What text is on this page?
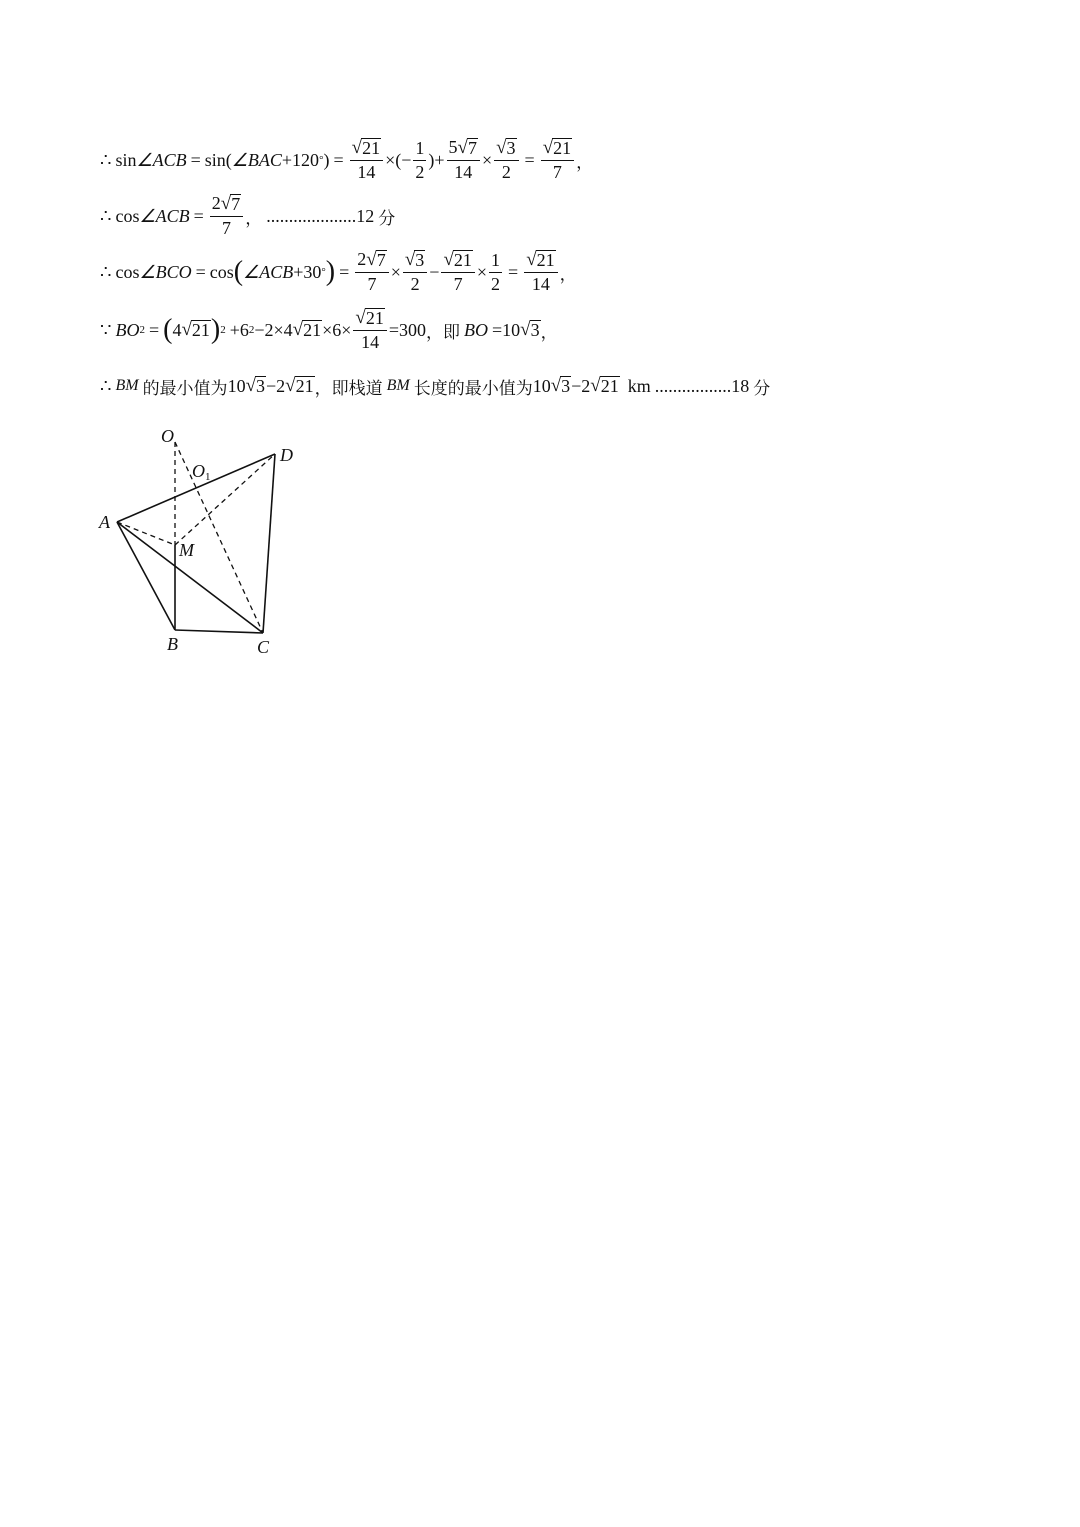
∴ sin ∠ACB = sin( ∠BAC +120 ° ) = $\frac{√ 21}{14}$ ×(− $\frac{1}{2}$ )+ $\frac{5 √ 7}{14} \times \frac{√ 3}{2} = \frac{√ 21}{7}$ ，
∴ cos ∠ACB = $\frac{2 √ 7}{7}$ ， ....................12 分
∴ cos ∠BCO = cos ( ∠ACB +30 ° ) = $\frac{2 √ 7}{7} \times \frac{√ 3}{2} - \frac{√ 21}{7} \times \frac{1}{2} = \frac{√ 21}{14}$ ，
∵ BO 2 = ( 4 √ 21 ) 2 +6 2 −2×4 √ $21 \times 6\times \frac{√ 21}{14} =300$ ，即 BO =10 √ 3 ，
∴ BM 的最小值为 10 √ 3 −2 √ 21 ，即栈道 BM 长度的最小值为 10 √ 3 −2 √ 21 km .................18 分
O
O 1
D
A
M
B	C
